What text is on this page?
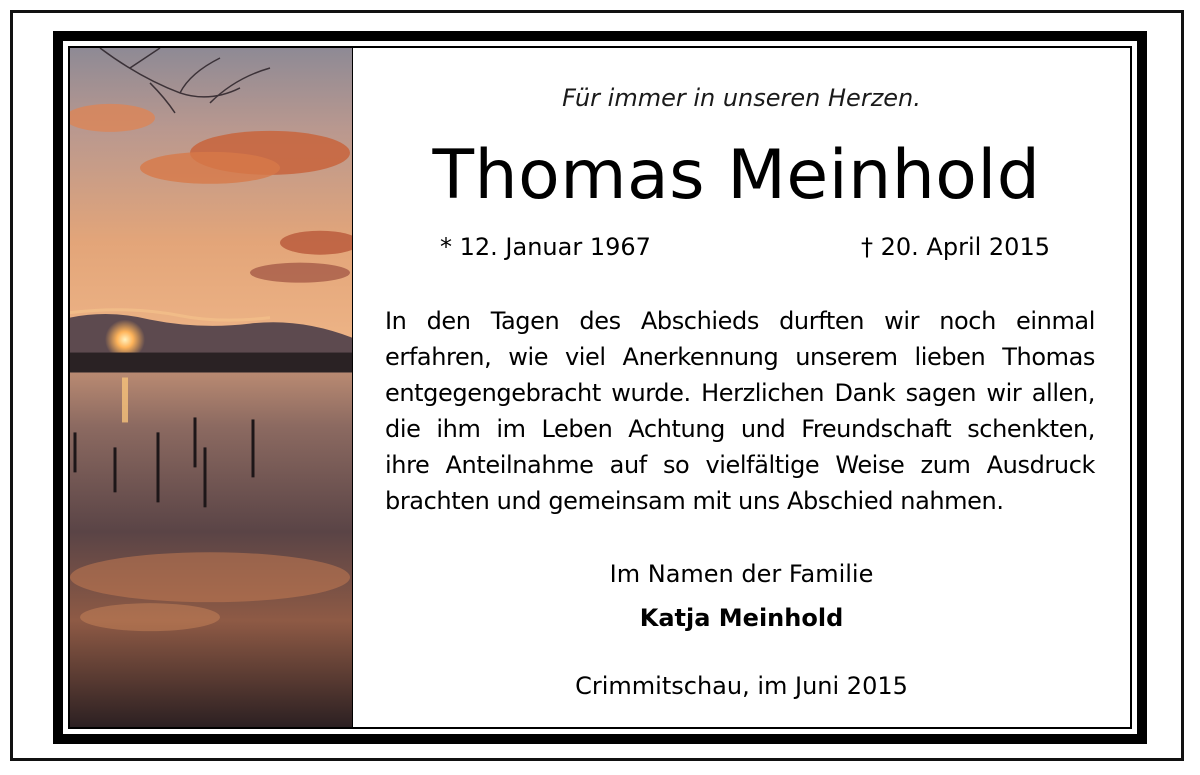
Für immer in unseren Herzen.
Thomas Meinhold
* 12. Januar 1967	† 20. April 2015
In den Tagen des Abschieds durften wir noch einmal
erfahren, wie viel Anerkennung unserem lieben Thomas
entgegengebracht wurde. Herzlichen Dank sagen wir allen,
die ihm im Leben Achtung und Freundschaft schenkten,
ihre Anteilnahme auf so vielfältige Weise zum Ausdruck
brachten und gemeinsam mit uns Abschied nahmen.
Im Namen der Familie
Katja Meinhold
Crimmitschau, im Juni 2015
